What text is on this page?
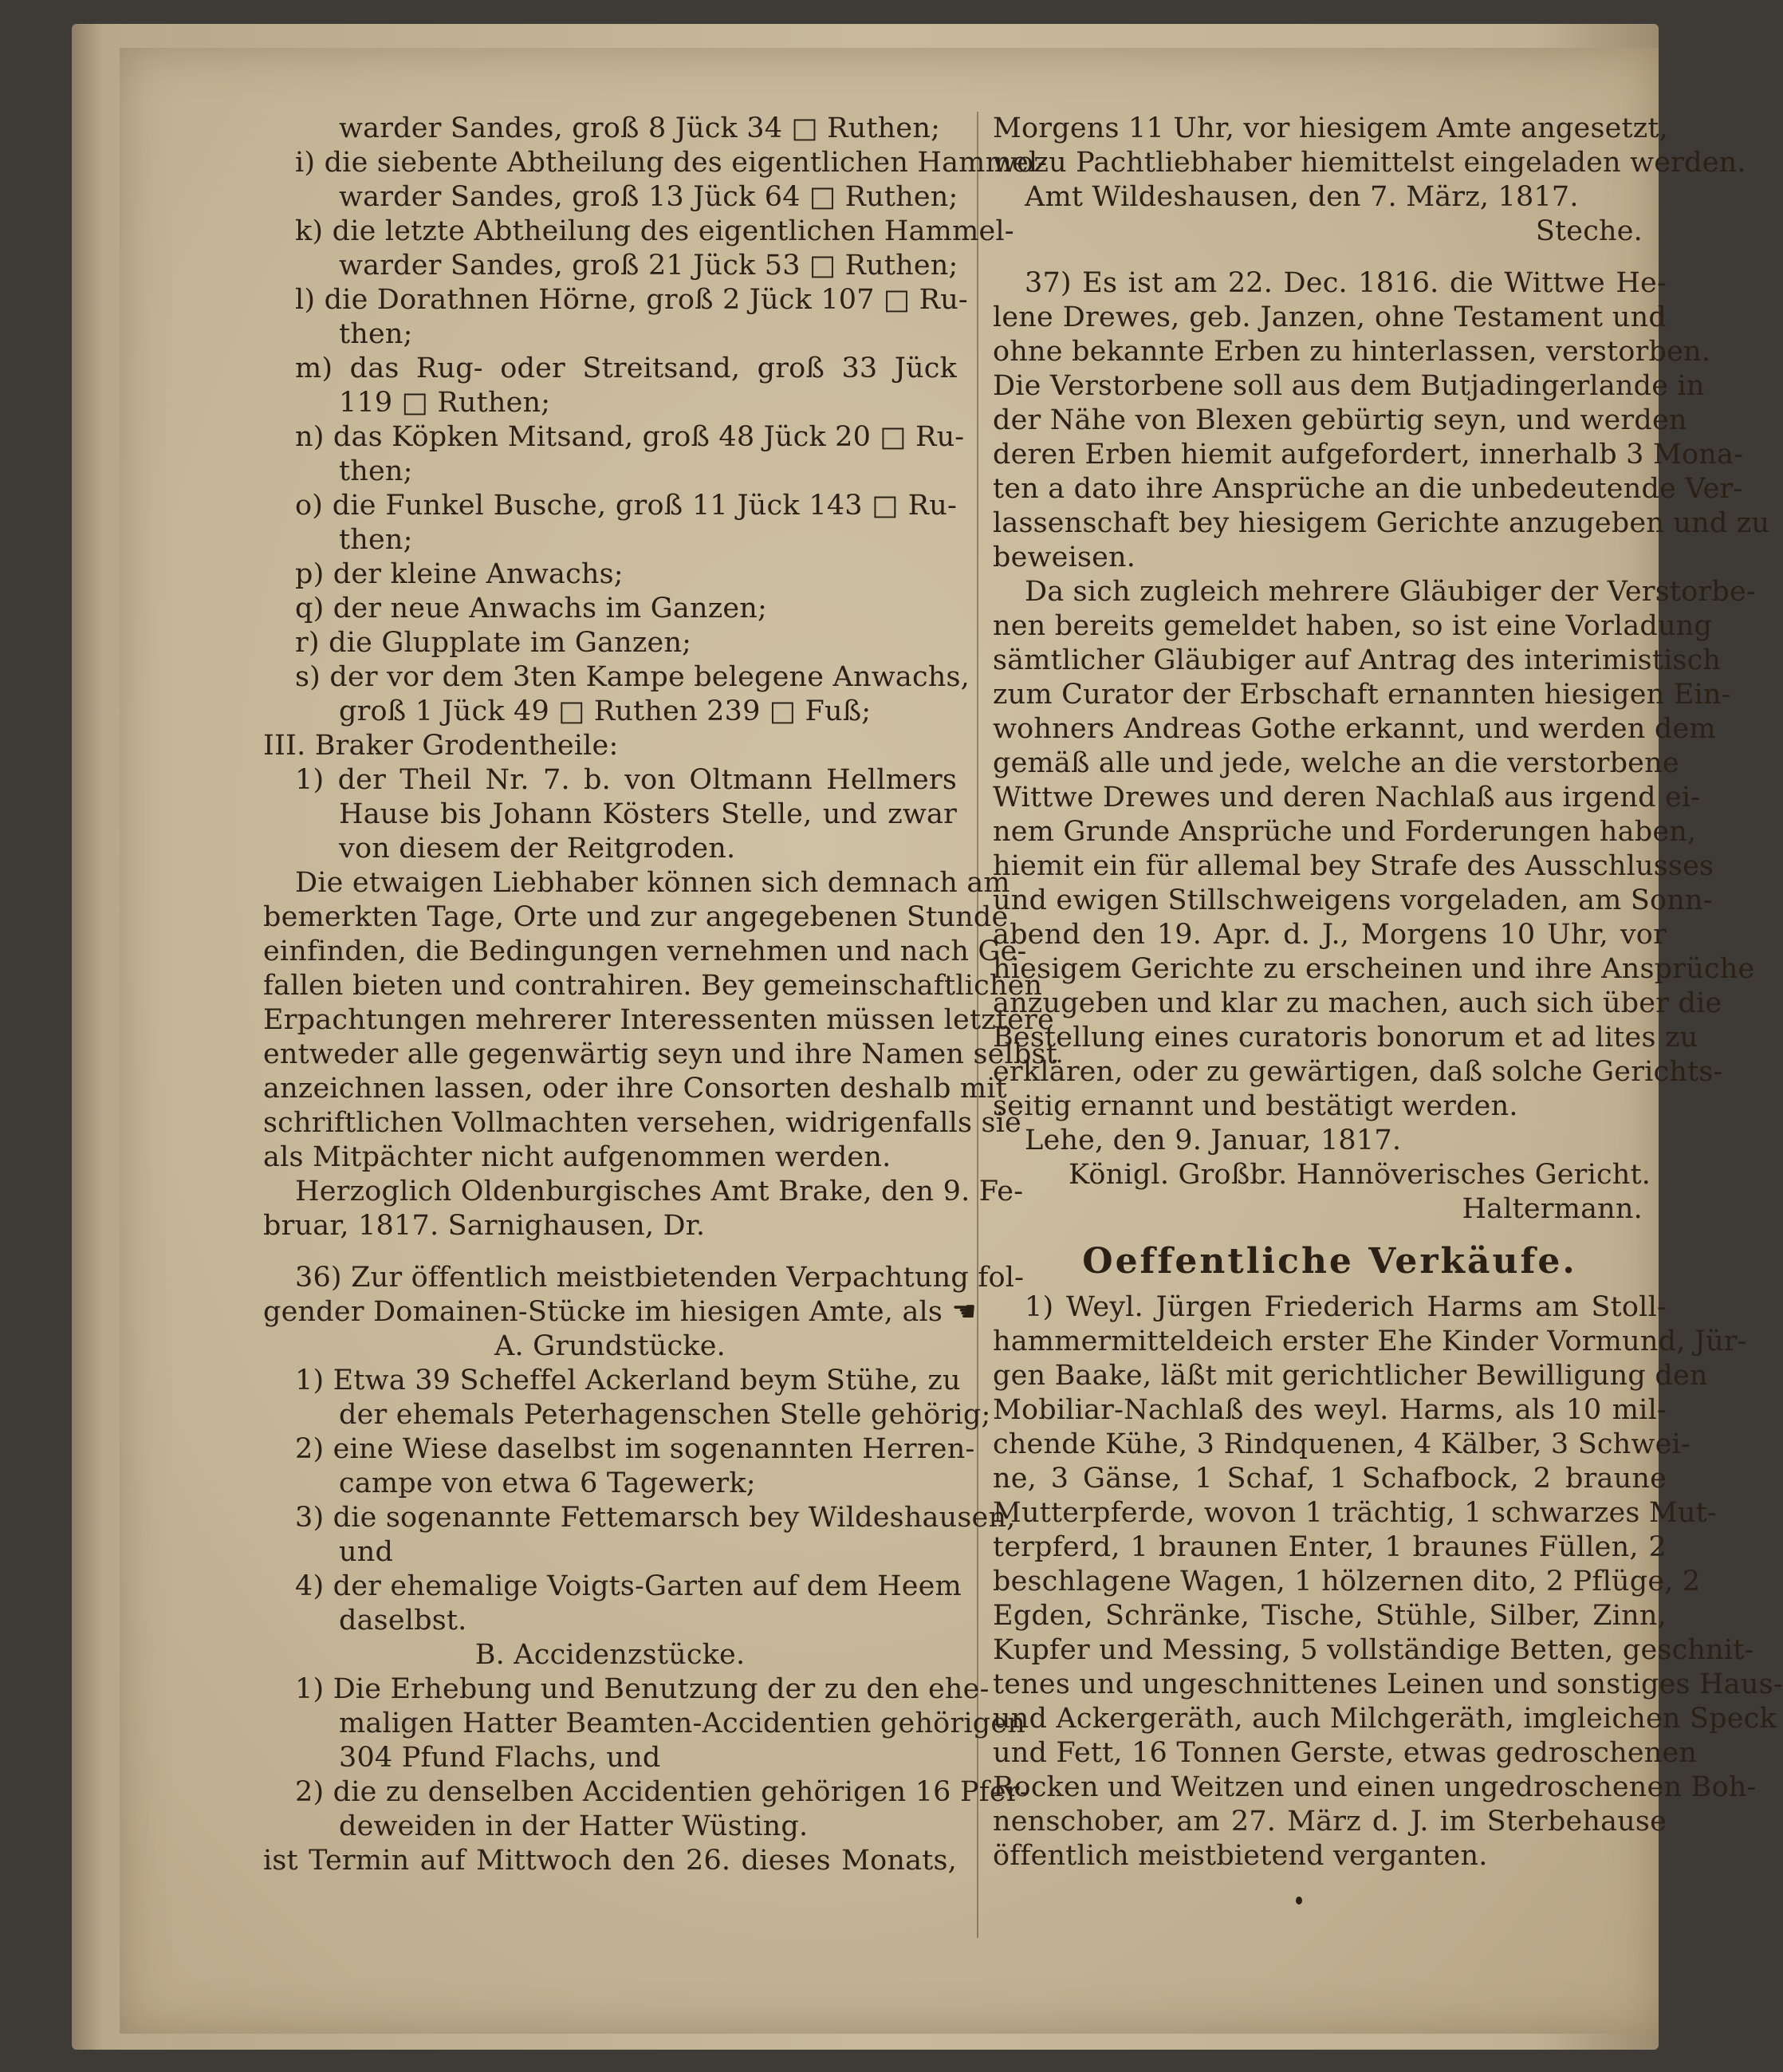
warder Sandes, groß 8 Jück 34 □ Ruthen;
i) die siebente Abtheilung des eigentlichen Hammel-
warder Sandes, groß 13 Jück 64 □ Ruthen;
k) die letzte Abtheilung des eigentlichen Hammel-
warder Sandes, groß 21 Jück 53 □ Ruthen;
l) die Dorathnen Hörne, groß 2 Jück 107 □ Ru-
then;
m) das Rug- oder Streitsand, groß 33 Jück
119 □ Ruthen;
n) das Köpken Mitsand, groß 48 Jück 20 □ Ru-
then;
o) die Funkel Busche, groß 11 Jück 143 □ Ru-
then;
p) der kleine Anwachs;
q) der neue Anwachs im Ganzen;
r) die Glupplate im Ganzen;
s) der vor dem 3ten Kampe belegene Anwachs,
groß 1 Jück 49 □ Ruthen 239 □ Fuß;
III. Braker Grodentheile:
1) der Theil Nr. 7. b. von Oltmann Hellmers
Hause bis Johann Kösters Stelle, und zwar
von diesem der Reitgroden.
Die etwaigen Liebhaber können sich demnach am
bemerkten Tage, Orte und zur angegebenen Stunde
einfinden, die Bedingungen vernehmen und nach Ge-
fallen bieten und contrahiren. Bey gemeinschaftlichen
Erpachtungen mehrerer Interessenten müssen letztere
entweder alle gegenwärtig seyn und ihre Namen selbst
anzeichnen lassen, oder ihre Consorten deshalb mit
schriftlichen Vollmachten versehen, widrigenfalls sie
als Mitpächter nicht aufgenommen werden.
Herzoglich Oldenburgisches Amt Brake, den 9. Fe-
bruar, 1817. Sarnighausen, Dr.
36) Zur öffentlich meistbietenden Verpachtung fol-
gender Domainen-Stücke im hiesigen Amte, als ☚
A. Grundstücke.
1) Etwa 39 Scheffel Ackerland beym Stühe, zu
der ehemals Peterhagenschen Stelle gehörig;
2) eine Wiese daselbst im sogenannten Herren-
campe von etwa 6 Tagewerk;
3) die sogenannte Fettemarsch bey Wildeshausen,
und
4) der ehemalige Voigts-Garten auf dem Heem
daselbst.
B. Accidenzstücke.
1) Die Erhebung und Benutzung der zu den ehe-
maligen Hatter Beamten-Accidentien gehörigen
304 Pfund Flachs, und
2) die zu denselben Accidentien gehörigen 16 Pfer-
deweiden in der Hatter Wüsting.
ist Termin auf Mittwoch den 26. dieses Monats,
Morgens 11 Uhr, vor hiesigem Amte angesetzt,
wozu Pachtliebhaber hiemittelst eingeladen werden.
Amt Wildeshausen, den 7. März, 1817.
Steche.
37) Es ist am 22. Dec. 1816. die Wittwe He-
lene Drewes, geb. Janzen, ohne Testament und
ohne bekannte Erben zu hinterlassen, verstorben.
Die Verstorbene soll aus dem Butjadingerlande in
der Nähe von Blexen gebürtig seyn, und werden
deren Erben hiemit aufgefordert, innerhalb 3 Mona-
ten a dato ihre Ansprüche an die unbedeutende Ver-
lassenschaft bey hiesigem Gerichte anzugeben und zu
beweisen.
Da sich zugleich mehrere Gläubiger der Verstorbe-
nen bereits gemeldet haben, so ist eine Vorladung
sämtlicher Gläubiger auf Antrag des interimistisch
zum Curator der Erbschaft ernannten hiesigen Ein-
wohners Andreas Gothe erkannt, und werden dem
gemäß alle und jede, welche an die verstorbene
Wittwe Drewes und deren Nachlaß aus irgend ei-
nem Grunde Ansprüche und Forderungen haben,
hiemit ein für allemal bey Strafe des Ausschlusses
und ewigen Stillschweigens vorgeladen, am Sonn-
abend den 19. Apr. d. J., Morgens 10 Uhr, vor
hiesigem Gerichte zu erscheinen und ihre Ansprüche
anzugeben und klar zu machen, auch sich über die
Bestellung eines curatoris bonorum et ad lites zu
erklären, oder zu gewärtigen, daß solche Gerichts-
seitig ernannt und bestätigt werden.
Lehe, den 9. Januar, 1817.
Königl. Großbr. Hannöverisches Gericht.
Haltermann.
Oeffentliche Verkäufe.
1) Weyl. Jürgen Friederich Harms am Stoll-
hammermitteldeich erster Ehe Kinder Vormund, Jür-
gen Baake, läßt mit gerichtlicher Bewilligung den
Mobiliar-Nachlaß des weyl. Harms, als 10 mil-
chende Kühe, 3 Rindquenen, 4 Kälber, 3 Schwei-
ne, 3 Gänse, 1 Schaf, 1 Schafbock, 2 braune
Mutterpferde, wovon 1 trächtig, 1 schwarzes Mut-
terpferd, 1 braunen Enter, 1 braunes Füllen, 2
beschlagene Wagen, 1 hölzernen dito, 2 Pflüge, 2
Egden, Schränke, Tische, Stühle, Silber, Zinn,
Kupfer und Messing, 5 vollständige Betten, geschnit-
tenes und ungeschnittenes Leinen und sonstiges Haus-
und Ackergeräth, auch Milchgeräth, imgleichen Speck
und Fett, 16 Tonnen Gerste, etwas gedroschenen
Rocken und Weitzen und einen ungedroschenen Boh-
nenschober, am 27. März d. J. im Sterbehause
öffentlich meistbietend verganten.
